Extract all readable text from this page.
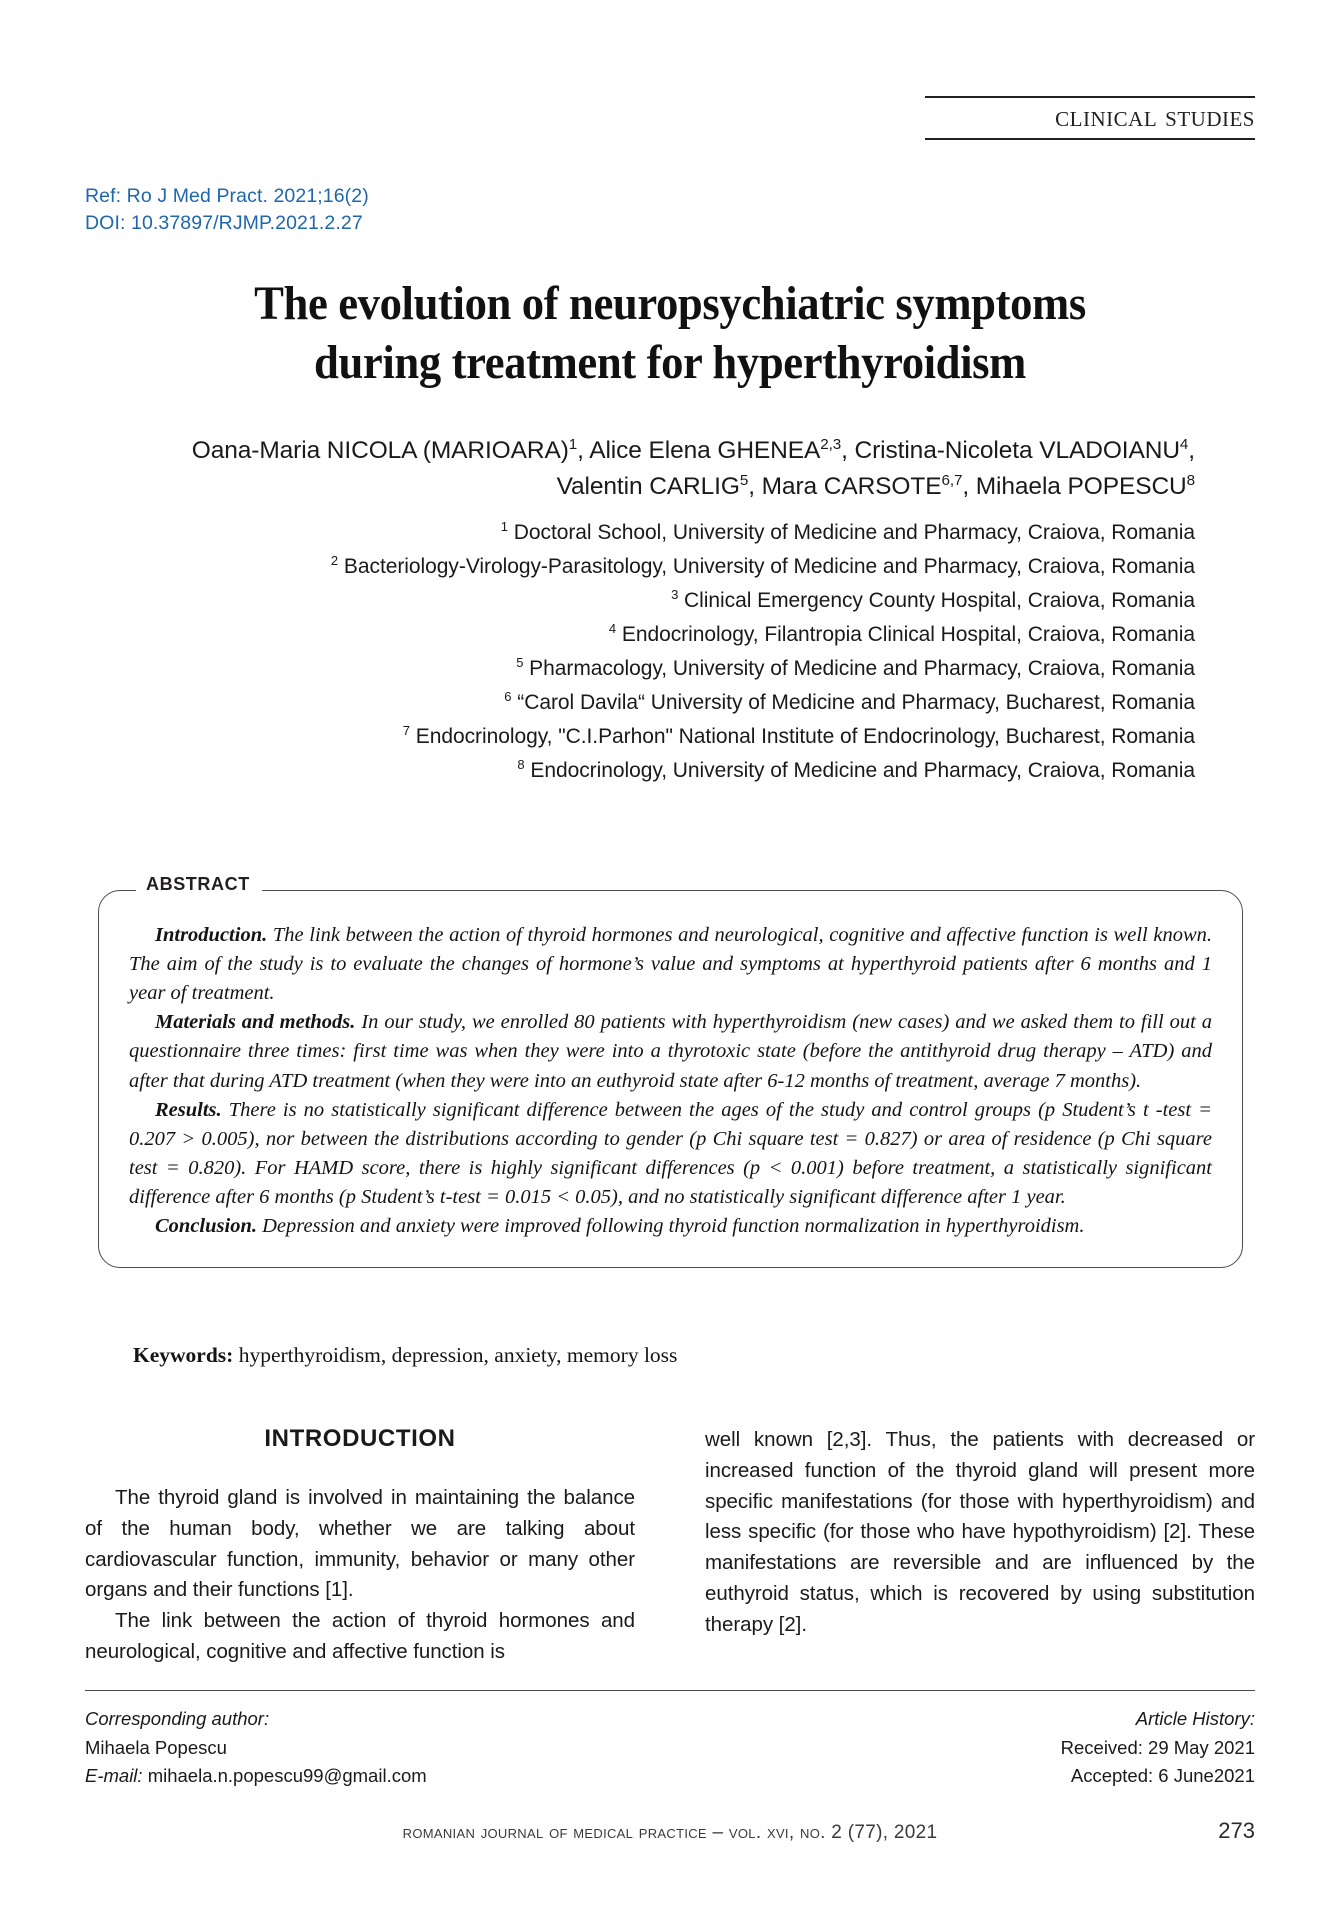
clinical studies
Ref: Ro J Med Pract. 2021;16(2)
DOI: 10.37897/RJMP.2021.2.27
The evolution of neuropsychiatric symptoms
during treatment for hyperthyroidism
Oana-Maria NICOLA (MARIOARA)$^1$, Alice Elena GHENEA$^{2,3}$, Cristina-Nicoleta VLADOIANU$^4$,
Valentin CARLIG$^5$, Mara CARSOTE$^{6,7}$, Mihaela POPESCU$^8$
$^1$ Doctoral School, University of Medicine and Pharmacy, Craiova, Romania
$^2$ Bacteriology-Virology-Parasitology, University of Medicine and Pharmacy, Craiova, Romania
$^3$ Clinical Emergency County Hospital, Craiova, Romania
$^4$ Endocrinology, Filantropia Clinical Hospital, Craiova, Romania
$^5$ Pharmacology, University of Medicine and Pharmacy, Craiova, Romania
$^6$ “Carol Davila“ University of Medicine and Pharmacy, Bucharest, Romania
$^7$ Endocrinology, "C.I.Parhon" National Institute of Endocrinology, Bucharest, Romania
$^8$ Endocrinology, University of Medicine and Pharmacy, Craiova, Romania
abstract

Introduction. The link between the action of thyroid hormones and neurological, cognitive and affective function is well known. The aim of the study is to evaluate the changes of hormone’s value and symptoms at hyperthyroid patients after 6 months and 1 year of treatment.

Materials and methods. In our study, we enrolled 80 patients with hyperthyroidism (new cases) and we asked them to fill out a questionnaire three times: first time was when they were into a thyrotoxic state (before the antithyroid drug therapy – ATD) and after that during ATD treatment (when they were into an euthyroid state after 6-12 months of treatment, average 7 months).

Results. There is no statistically significant difference between the ages of the study and control groups (p Student’s t -test = 0.207 > 0.005), nor between the distributions according to gender (p Chi square test = 0.827) or area of residence (p Chi square test = 0.820). For HAMD score, there is highly significant differences (p < 0.001) before treatment, a statistically significant difference after 6 months (p Student’s t-test = 0.015 < 0.05), and no statistically significant difference after 1 year.

Conclusion. Depression and anxiety were improved following thyroid function normalization in hyperthyroidism.

Keywords: hyperthyroidism, depression, anxiety, memory loss
INTRODUCTION

The thyroid gland is involved in maintaining the balance of the human body, whether we are talking about cardiovascular function, immunity, behavior or many other organs and their functions [1].

The link between the action of thyroid hormones and neurological, cognitive and affective function is

well known [2,3]. Thus, the patients with decreased or increased function of the thyroid gland will present more specific manifestations (for those with hyperthyroidism) and less specific (for those who have hypothyroidism) [2]. These manifestations are reversible and are influenced by the euthyroid status, which is recovered by using substitution therapy [2].

Corresponding author:
Mihaela Popescu
E-mail: mihaela.n.popescu99@gmail.com
Article History:
Received: 29 May 2021
Accepted: 6 June2021
romanian journal of medical practice – vol. xvi, no. 2 (77), 2021	273
